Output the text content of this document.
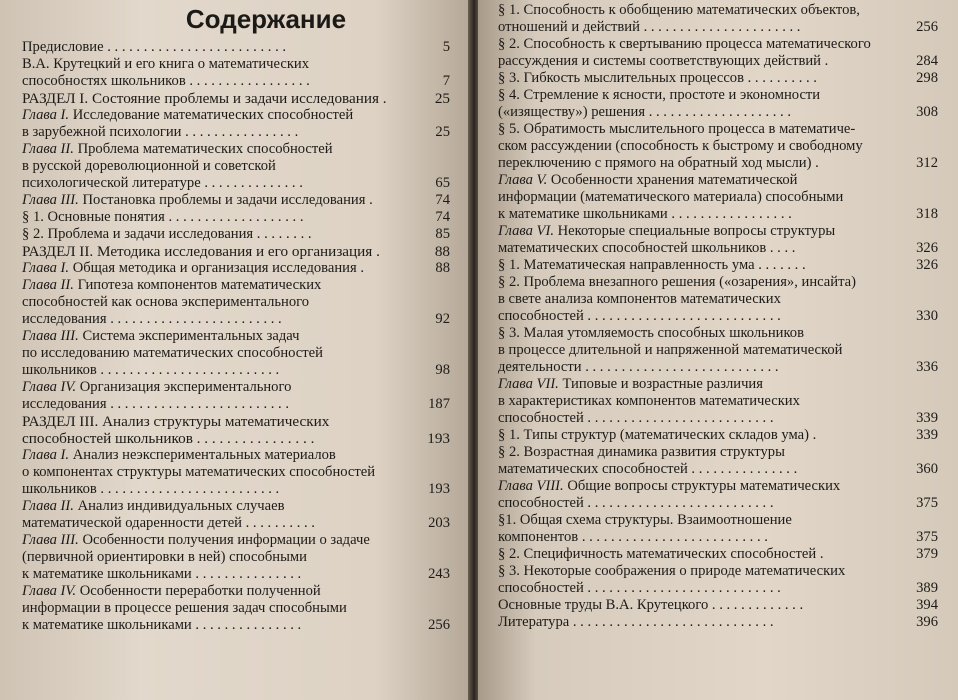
Содержание
Предисловие . . . . . . . . . . . . . . . . . . . . . . . . .	5
В.А. Крутецкий и его книга о математических
способностях школьников . . . . . . . . . . . . . . . . .	7
РАЗДЕЛ I. Состояние проблемы и задачи исследования .	25
Глава I. Исследование математических способностей
в зарубежной психологии . . . . . . . . . . . . . . . .	25
Глава II. Проблема математических способностей
в русской дореволюционной и советской
психологической литературе . . . . . . . . . . . . . .	65
Глава III. Постановка проблемы и задачи исследования .	74
§ 1. Основные понятия . . . . . . . . . . . . . . . . . . .	74
§ 2. Проблема и задачи исследования . . . . . . . .	85
РАЗДЕЛ II. Методика исследования и его организация .	88
Глава I. Общая методика и организация исследования .	88
Глава II. Гипотеза компонентов математических
способностей как основа экспериментального
исследования . . . . . . . . . . . . . . . . . . . . . . . .	92
Глава III. Система экспериментальных задач
по исследованию математических способностей
школьников . . . . . . . . . . . . . . . . . . . . . . . . .	98
Глава IV. Организация экспериментального
исследования . . . . . . . . . . . . . . . . . . . . . . . . .	187
РАЗДЕЛ III. Анализ структуры математических
способностей школьников . . . . . . . . . . . . . . . .	193
Глава I. Анализ неэкспериментальных материалов
о компонентах структуры математических способностей
школьников . . . . . . . . . . . . . . . . . . . . . . . . .	193
Глава II. Анализ индивидуальных случаев
математической одаренности детей . . . . . . . . . .	203
Глава III. Особенности получения информации о задаче
(первичной ориентировки в ней) способными
к математике школьниками . . . . . . . . . . . . . . .	243
Глава IV. Особенности переработки полученной
информации в процессе решения задач способными
к математике школьниками . . . . . . . . . . . . . . .	256
§ 1. Способность к обобщению математических объектов,
отношений и действий . . . . . . . . . . . . . . . . . . . . . .	256
§ 2. Способность к свертыванию процесса математического
рассуждения и системы соответствующих действий .	284
§ 3. Гибкость мыслительных процессов . . . . . . . . . .	298
§ 4. Стремление к ясности, простоте и экономности
(«изяществу») решения . . . . . . . . . . . . . . . . . . . .	308
§ 5. Обратимость мыслительного процесса в математиче-
ском рассуждении (способность к быстрому и свободному
переключению с прямого на обратный ход мысли) .	312
Глава V. Особенности хранения математической
информации (математического материала) способными
к математике школьниками . . . . . . . . . . . . . . . . .	318
Глава VI. Некоторые специальные вопросы структуры
математических способностей школьников . . . .	326
§ 1. Математическая направленность ума . . . . . . .	326
§ 2. Проблема внезапного решения («озарения», инсайта)
в свете анализа компонентов математических
способностей . . . . . . . . . . . . . . . . . . . . . . . . . . .	330
§ 3. Малая утомляемость способных школьников
в процессе длительной и напряженной математической
деятельности . . . . . . . . . . . . . . . . . . . . . . . . . . .	336
Глава VII. Типовые и возрастные различия
в характеристиках компонентов математических
способностей . . . . . . . . . . . . . . . . . . . . . . . . . .	339
§ 1. Типы структур (математических складов ума) .	339
§ 2. Возрастная динамика развития структуры
математических способностей . . . . . . . . . . . . . . .	360
Глава VIII. Общие вопросы структуры математических
способностей . . . . . . . . . . . . . . . . . . . . . . . . . .	375
§1. Общая схема структуры. Взаимоотношение
компонентов . . . . . . . . . . . . . . . . . . . . . . . . . .	375
§ 2. Специфичность математических способностей .	379
§ 3. Некоторые соображения о природе математических
способностей . . . . . . . . . . . . . . . . . . . . . . . . . . .	389
Основные труды В.А. Крутецкого . . . . . . . . . . . . .	394
Литература . . . . . . . . . . . . . . . . . . . . . . . . . . . .	396
